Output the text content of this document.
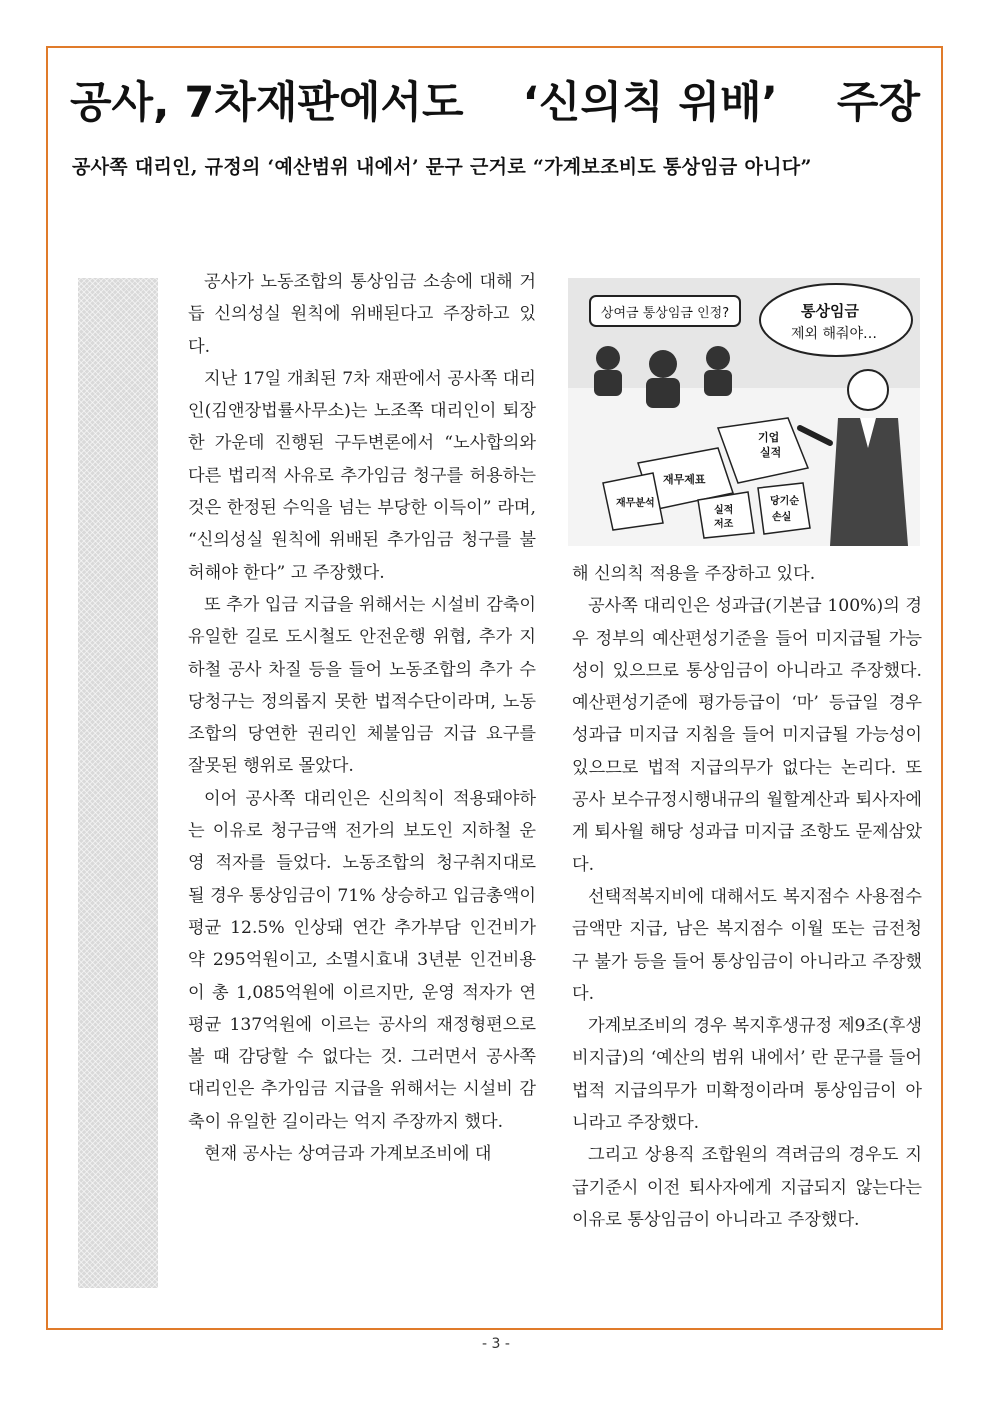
공사, 7차재판에서도 ‘신의칙 위배’ 주장
공사쪽 대리인, 규정의 ‘예산범위 내에서’ 문구 근거로 “가계보조비도 통상임금 아니다”

공사가 노동조합의 통상임금 소송에 대해 거듭 신의성실 원칙에 위배된다고 주장하고 있다.

지난 17일 개최된 7차 재판에서 공사쪽 대리인(김앤장법률사무소)는 노조쪽 대리인이 퇴장한 가운데 진행된 구두변론에서 “노사합의와 다른 법리적 사유로 추가임금 청구를 허용하는 것은 한정된 수익을 넘는 부당한 이득이” 라며, “신의성실 원칙에 위배된 추가임금 청구를 불허해야 한다” 고 주장했다.

또 추가 입금 지급을 위해서는 시설비 감축이 유일한 길로 도시철도 안전운행 위협, 추가 지하철 공사 차질 등을 들어 노동조합의 추가 수당청구는 정의롭지 못한 법적수단이라며, 노동조합의 당연한 권리인 체불임금 지급 요구를 잘못된 행위로 몰았다.

이어 공사쪽 대리인은 신의칙이 적용돼야하는 이유로 청구금액 전가의 보도인 지하철 운영 적자를 들었다. 노동조합의 청구취지대로 될 경우 통상임금이 71% 상승하고 입금총액이 평균 12.5% 인상돼 연간 추가부담 인건비가 약 295억원이고, 소멸시효내 3년분 인건비용이 총 1,085억원에 이르지만, 운영 적자가 연평균 137억원에 이르는 공사의 재정형편으로 볼 때 감당할 수 없다는 것. 그러면서 공사쪽 대리인은 추가임금 지급을 위해서는 시설비 감축이 유일한 길이라는 억지 주장까지 했다.

현재 공사는 상여금과 가계보조비에 대

상여금 통상임금 인정?	통상임금
제외 해줘야…
기업
실적
재무제표
재무분석
실적
저조
당기순
손실

해 신의칙 적용을 주장하고 있다.

공사쪽 대리인은 성과급(기본급 100%)의 경우 정부의 예산편성기준을 들어 미지급될 가능성이 있으므로 통상임금이 아니라고 주장했다. 예산편성기준에 평가등급이 ‘마’ 등급일 경우 성과급 미지급 지침을 들어 미지급될 가능성이 있으므로 법적 지급의무가 없다는 논리다. 또 공사 보수규정시행내규의 월할계산과 퇴사자에게 퇴사월 해당 성과급 미지급 조항도 문제삼았다.

선택적복지비에 대해서도 복지점수 사용점수 금액만 지급, 남은 복지점수 이월 또는 금전청구 불가 등을 들어 통상임금이 아니라고 주장했다.

가계보조비의 경우 복지후생규정 제9조(후생비지급)의 ‘예산의 범위 내에서’ 란 문구를 들어 법적 지급의무가 미확정이라며 통상임금이 아니라고 주장했다.

그리고 상용직 조합원의 격려금의 경우도 지급기준시 이전 퇴사자에게 지급되지 않는다는 이유로 통상임금이 아니라고 주장했다.

- 3 -
